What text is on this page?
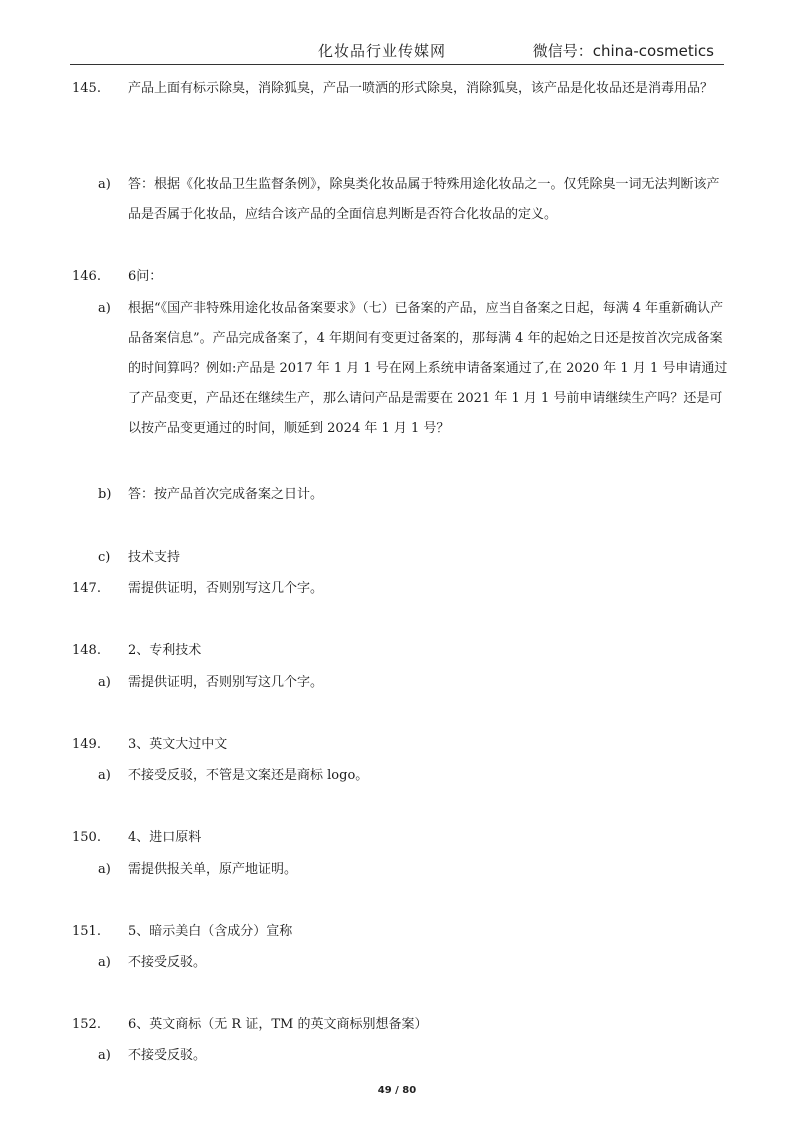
化妆品行业传媒网	微信号：china-cosmetics
145. 产品上面有标示除臭，消除狐臭，产品一喷洒的形式除臭，消除狐臭，该产品是化妆品还是消毒用品？
a) 答：根据《化妆品卫生监督条例》，除臭类化妆品属于特殊用途化妆品之一。仅凭除臭一词无法判断该产品是否属于化妆品，应结合该产品的全面信息判断是否符合化妆品的定义。
146. 6问：
a) 根据“《国产非特殊用途化妆品备案要求》（七）已备案的产品，应当自备案之日起，每满 4 年重新确认产品备案信息”。产品完成备案了，4 年期间有变更过备案的，那每满 4 年的起始之日还是按首次完成备案的时间算吗？例如:产品是 2017 年 1 月 1 号在网上系统申请备案通过了,在 2020 年 1 月 1 号申请通过了产品变更，产品还在继续生产，那么请问产品是需要在 2021 年 1 月 1 号前申请继续生产吗？还是可以按产品变更通过的时间，顺延到 2024 年 1 月 1 号？
b) 答：按产品首次完成备案之日计。
c) 技术支持
147. 需提供证明，否则别写这几个字。
148. 2、专利技术
a) 需提供证明，否则别写这几个字。
149. 3、英文大过中文
a) 不接受反驳，不管是文案还是商标 logo。
150. 4、进口原料
a) 需提供报关单，原产地证明。
151. 5、暗示美白（含成分）宣称
a) 不接受反驳。
152. 6、英文商标（无 R 证，TM 的英文商标别想备案）
a) 不接受反驳。
49 / 80
